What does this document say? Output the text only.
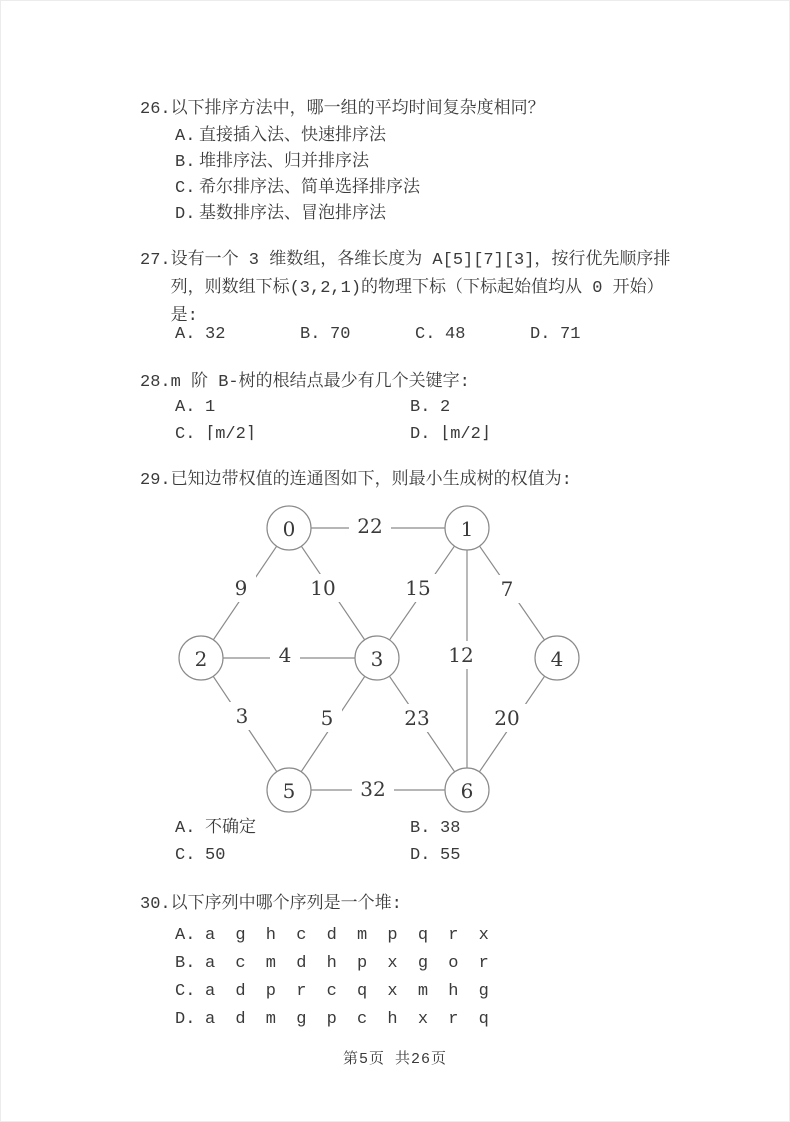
26. 以下排序方法中，哪一组的平均时间复杂度相同？

A. 直接插入法、快速排序法
B. 堆排序法、归并排序法
C. 希尔排序法、简单选择排序法
D. 基数排序法、冒泡排序法

27. 设有一个 3 维数组，各维长度为 A[5][7][3]，按行优先顺序排列，则数组下标(3,2,1)的物理下标（下标起始值均从 0 开始）是:

A. 32	B. 70	C. 48	D. 71

28. m 阶 B-树的根结点最少有几个关键字:

A. 1	B. 2
C. ⌈m/2⌉	D. ⌊m/2⌋

29. 已知边带权值的连通图如下，则最小生成树的权值为:

22
9	10	15	7
12
4
3	5	23	20
32
0	1
2	3	4
5	6
A. 不确定	B. 38
C. 50	D. 55

30. 以下序列中哪个序列是一个堆:

A. a g h c d m p q r x
B. a c m d h p x g o r
C. a d p r c q x m h g
D. a d m g p c h x r q
第5页 共26页
